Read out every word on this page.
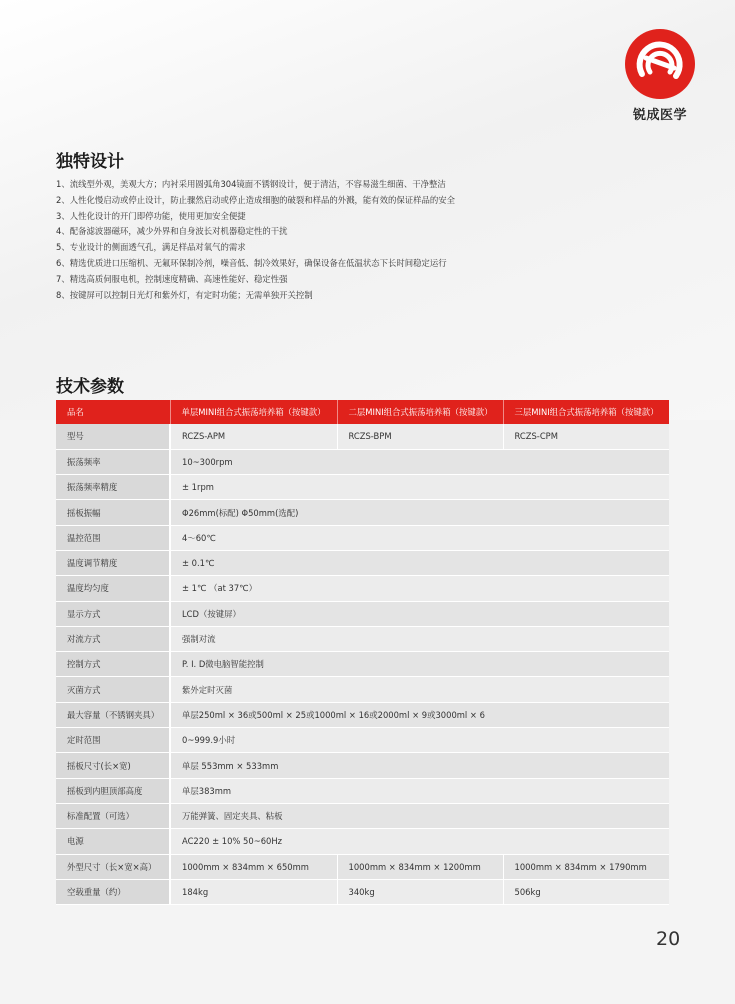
锐成医学
独特设计
1、流线型外观，美观大方；内衬采用圆弧角304镜面不锈钢设计，便于清洁，不容易滋生细菌、干净整洁
2、人性化慢启动或停止设计，防止骤然启动或停止造成细胞的破裂和样品的外溅，能有效的保证样品的安全
3、人性化设计的开门即停功能，使用更加安全便捷
4、配备滤波器磁环，减少外界和自身波长对机器稳定性的干扰
5、专业设计的侧面透气孔，满足样品对氧气的需求
6、精选优质进口压缩机、无氟环保制冷剂，噪音低、制冷效果好，确保设备在低温状态下长时间稳定运行
7、精选高质伺服电机，控制速度精确、高速性能好、稳定性强
8、按键屏可以控制日光灯和紫外灯，有定时功能；无需单独开关控制
技术参数
品名	单层MINI组合式振荡培养箱（按键款）	二层MINI组合式振荡培养箱（按键款）	三层MINI组合式振荡培养箱（按键款）
型号	RCZS-APM	RCZS-BPM	RCZS-CPM
振荡频率	10~300rpm		
振荡频率精度	± 1rpm		
摇板振幅	Φ26mm(标配) Φ50mm(选配)		
温控范围	4～60℃		
温度调节精度	± 0.1℃		
温度均匀度	± 1℃ （at 37℃）		
显示方式	LCD（按键屏）		
对流方式	强制对流		
控制方式	P. I. D微电脑智能控制		
灭菌方式	紫外定时灭菌		
最大容量（不锈钢夹具）	单层250ml × 36或500ml × 25或1000ml × 16或2000ml × 9或3000ml × 6		
定时范围	0~999.9小时		
摇板尺寸(长×宽)	单层 553mm × 533mm		
摇板到内胆顶部高度	单层383mm		
标准配置（可选）	万能弹簧、固定夹具、粘板		
电源	AC220 ± 10% 50~60Hz		
外型尺寸（长×宽×高）	1000mm × 834mm × 650mm	1000mm × 834mm × 1200mm	1000mm × 834mm × 1790mm
空载重量（约）	184kg	340kg	506kg
20
